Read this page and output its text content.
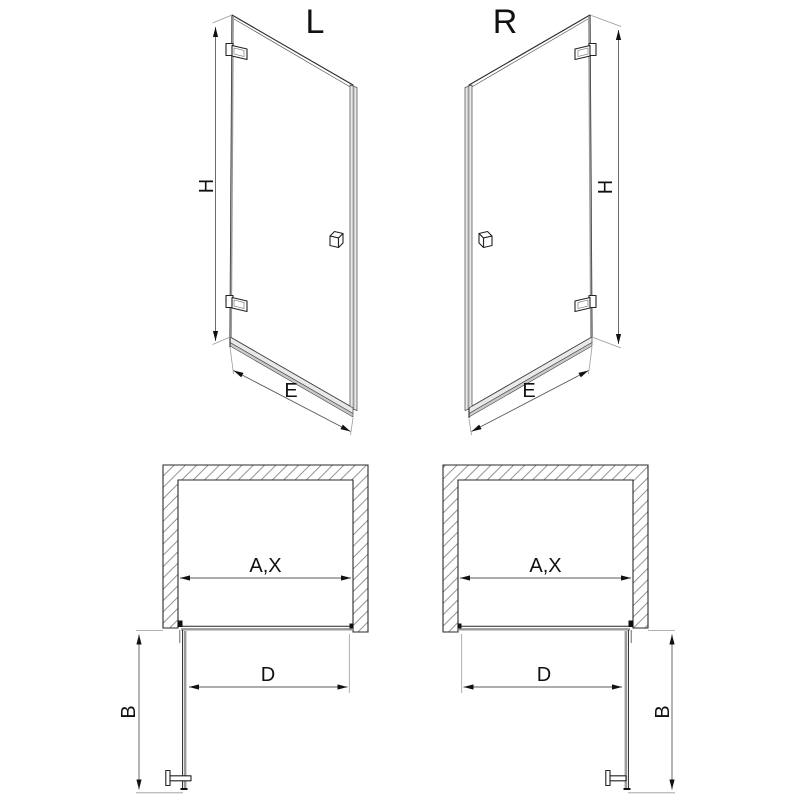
L
H
E
R
H
E
A,X
B
D
A,X
B
D
